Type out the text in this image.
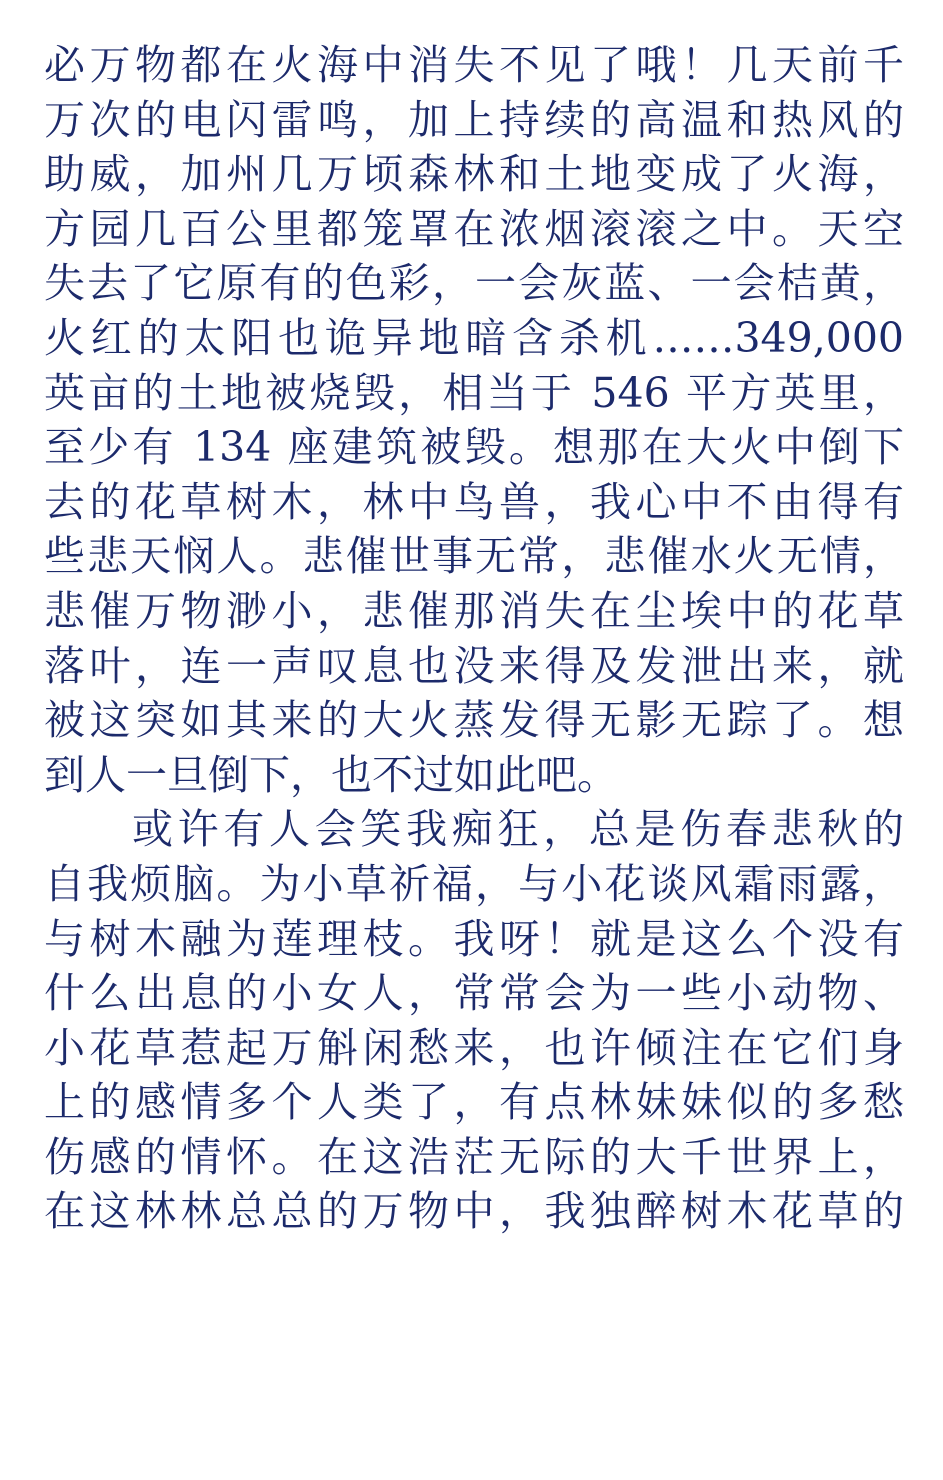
必万物都在火海中消失不见了哦！几天前千
万次的电闪雷鸣，加上持续的高温和热风的
助威，加州几万顷森林和土地变成了火海，
方园几百公里都笼罩在浓烟滚滚之中。天空
失去了它原有的色彩，一会灰蓝、一会桔黄，
火红的太阳也诡异地暗含杀机……349,000
英亩的土地被烧毁，相当于 546 平方英里，
至少有 134 座建筑被毁。想那在大火中倒下
去的花草树木，林中鸟兽，我心中不由得有
些悲天悯人。悲催世事无常，悲催水火无情，
悲催万物渺小，悲催那消失在尘埃中的花草
落叶，连一声叹息也没来得及发泄出来，就
被这突如其来的大火蒸发得无影无踪了。想
到人一旦倒下，也不过如此吧。
或许有人会笑我痴狂，总是伤春悲秋的
自我烦脑。为小草祈福，与小花谈风霜雨露，
与树木融为莲理枝。我呀！就是这么个没有
什么出息的小女人，常常会为一些小动物、
小花草惹起万斛闲愁来，也许倾注在它们身
上的感情多个人类了，有点林妹妹似的多愁
伤感的情怀。在这浩茫无际的大千世界上，
在这林林总总的万物中，我独醉树木花草的
